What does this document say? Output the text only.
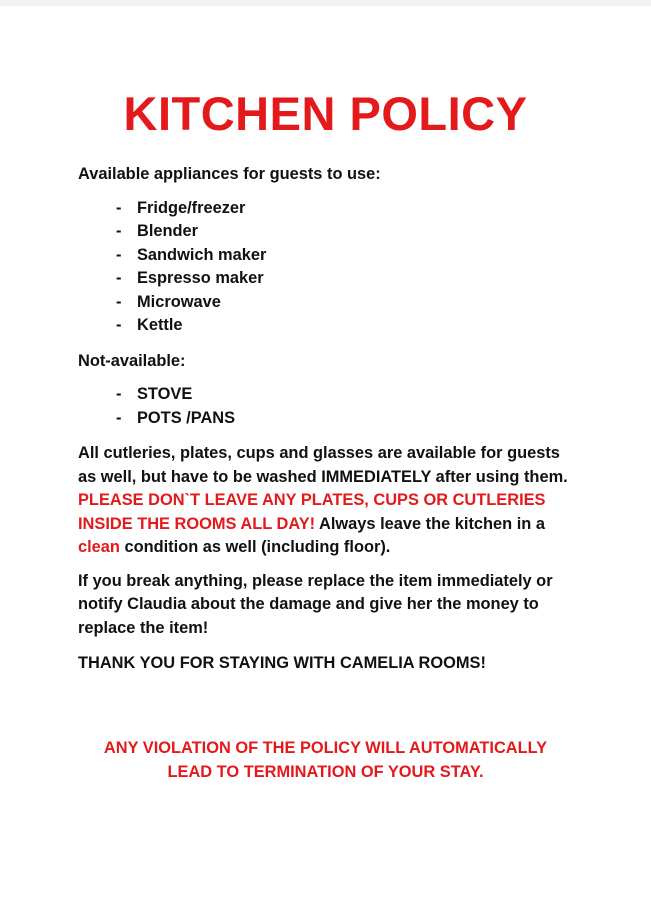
KITCHEN POLICY

Available appliances for guests to use:

- Fridge/freezer
- Blender
- Sandwich maker
- Espresso maker
- Microwave
- Kettle

Not-available:

- STOVE
- POTS /PANS

All cutleries, plates, cups and glasses are available for guests as well, but have to be washed IMMEDIATELY after using them. PLEASE DON`T LEAVE ANY PLATES, CUPS OR CUTLERIES INSIDE THE ROOMS ALL DAY! Always leave the kitchen in a clean condition as well (including floor).

If you break anything, please replace the item immediately or notify Claudia about the damage and give her the money to replace the item!

THANK YOU FOR STAYING WITH CAMELIA ROOMS!

ANY VIOLATION OF THE POLICY WILL AUTOMATICALLY
LEAD TO TERMINATION OF YOUR STAY.
